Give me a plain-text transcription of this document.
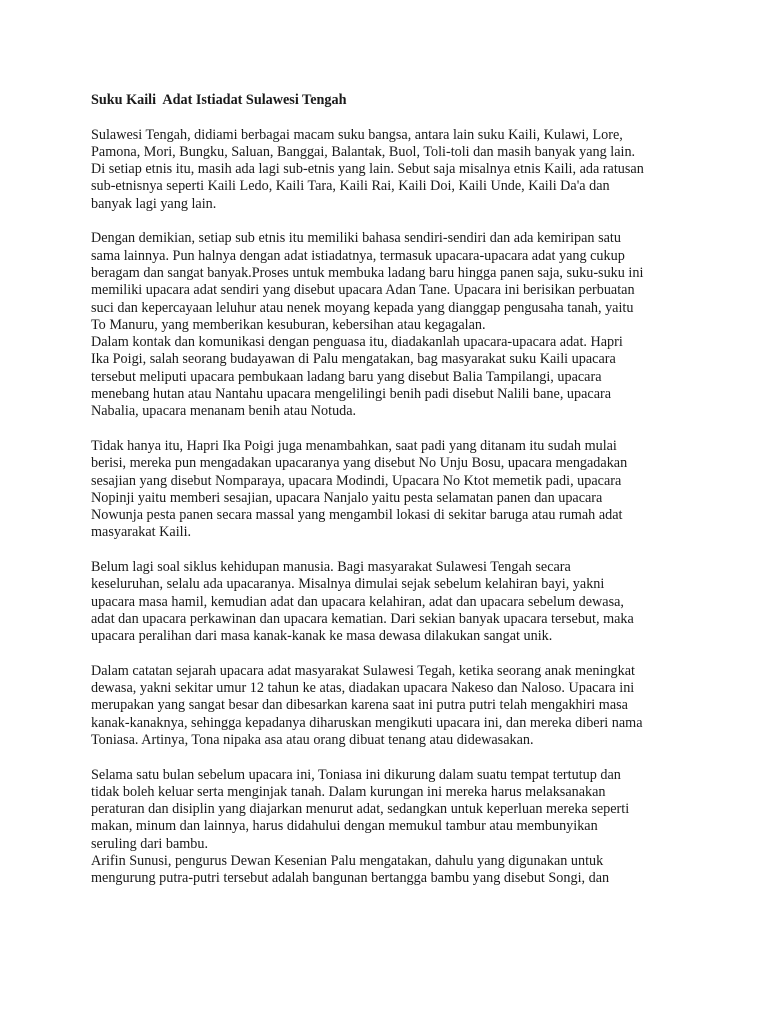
Suku Kaili  Adat Istiadat Sulawesi Tengah
Sulawesi Tengah, didiami berbagai macam suku bangsa, antara lain suku Kaili, Kulawi, Lore,
Pamona, Mori, Bungku, Saluan, Banggai, Balantak, Buol, Toli-toli dan masih banyak yang lain.
Di setiap etnis itu, masih ada lagi sub-etnis yang lain. Sebut saja misalnya etnis Kaili, ada ratusan
sub-etnisnya seperti Kaili Ledo, Kaili Tara, Kaili Rai, Kaili Doi, Kaili Unde, Kaili Da'a dan
banyak lagi yang lain.
Dengan demikian, setiap sub etnis itu memiliki bahasa sendiri-sendiri dan ada kemiripan satu
sama lainnya. Pun halnya dengan adat istiadatnya, termasuk upacara-upacara adat yang cukup
beragam dan sangat banyak.Proses untuk membuka ladang baru hingga panen saja, suku-suku ini
memiliki upacara adat sendiri yang disebut upacara Adan Tane. Upacara ini berisikan perbuatan
suci dan kepercayaan leluhur atau nenek moyang kepada yang dianggap pengusaha tanah, yaitu
To Manuru, yang memberikan kesuburan, kebersihan atau kegagalan.
Dalam kontak dan komunikasi dengan penguasa itu, diadakanlah upacara-upacara adat. Hapri
Ika Poigi, salah seorang budayawan di Palu mengatakan, bag masyarakat suku Kaili upacara
tersebut meliputi upacara pembukaan ladang baru yang disebut Balia Tampilangi, upacara
menebang hutan atau Nantahu upacara mengelilingi benih padi disebut Nalili bane, upacara
Nabalia, upacara menanam benih atau Notuda.
Tidak hanya itu, Hapri Ika Poigi juga menambahkan, saat padi yang ditanam itu sudah mulai
berisi, mereka pun mengadakan upacaranya yang disebut No Unju Bosu, upacara mengadakan
sesajian yang disebut Nomparaya, upacara Modindi, Upacara No Ktot memetik padi, upacara
Nopinji yaitu memberi sesajian, upacara Nanjalo yaitu pesta selamatan panen dan upacara
Nowunja pesta panen secara massal yang mengambil lokasi di sekitar baruga atau rumah adat
masyarakat Kaili.
Belum lagi soal siklus kehidupan manusia. Bagi masyarakat Sulawesi Tengah secara
keseluruhan, selalu ada upacaranya. Misalnya dimulai sejak sebelum kelahiran bayi, yakni
upacara masa hamil, kemudian adat dan upacara kelahiran, adat dan upacara sebelum dewasa,
adat dan upacara perkawinan dan upacara kematian. Dari sekian banyak upacara tersebut, maka
upacara peralihan dari masa kanak-kanak ke masa dewasa dilakukan sangat unik.
Dalam catatan sejarah upacara adat masyarakat Sulawesi Tegah, ketika seorang anak meningkat
dewasa, yakni sekitar umur 12 tahun ke atas, diadakan upacara Nakeso dan Naloso. Upacara ini
merupakan yang sangat besar dan dibesarkan karena saat ini putra putri telah mengakhiri masa
kanak-kanaknya, sehingga kepadanya diharuskan mengikuti upacara ini, dan mereka diberi nama
Toniasa. Artinya, Tona nipaka asa atau orang dibuat tenang atau didewasakan.
Selama satu bulan sebelum upacara ini, Toniasa ini dikurung dalam suatu tempat tertutup dan
tidak boleh keluar serta menginjak tanah. Dalam kurungan ini mereka harus melaksanakan
peraturan dan disiplin yang diajarkan menurut adat, sedangkan untuk keperluan mereka seperti
makan, minum dan lainnya, harus didahului dengan memukul tambur atau membunyikan
seruling dari bambu.
Arifin Sunusi, pengurus Dewan Kesenian Palu mengatakan, dahulu yang digunakan untuk
mengurung putra-putri tersebut adalah bangunan bertangga bambu yang disebut Songi, dan
